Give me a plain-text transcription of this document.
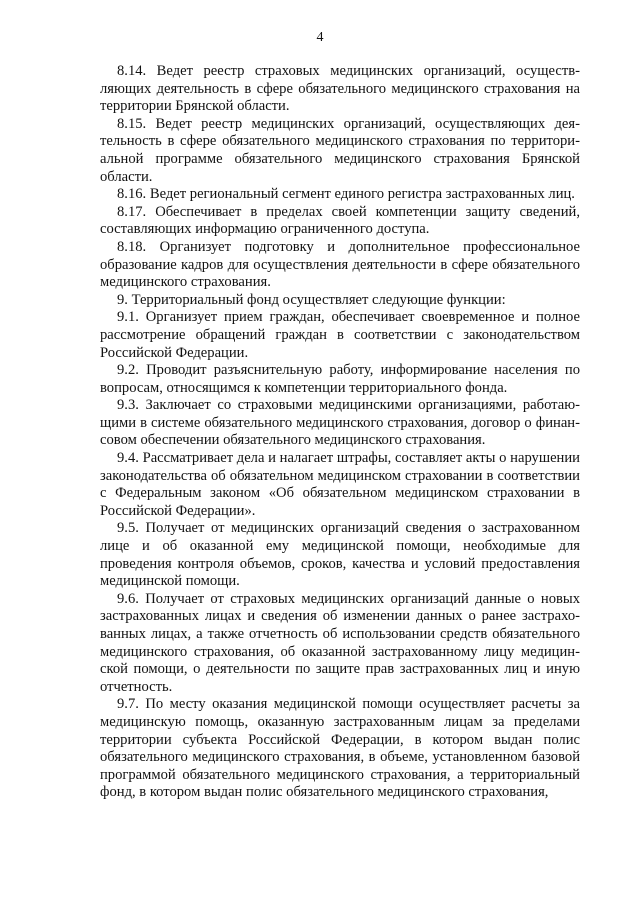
4

8.14. Ведет реестр страховых медицинских организаций, осуществляющих деятельность в сфере обязательного медицинского страхования на территории Брянской области.

8.15. Ведет реестр медицинских организаций, осуществляющих деятельность в сфере обязательного медицинского страхования по территориальной программе обязательного медицинского страхования Брянской области.

8.16. Ведет региональный сегмент единого регистра застрахованных лиц.

8.17. Обеспечивает в пределах своей компетенции защиту сведений, составляющих информацию ограниченного доступа.

8.18. Организует подготовку и дополнительное профессиональное образование кадров для осуществления деятельности в сфере обязательного медицинского страхования.

9. Территориальный фонд осуществляет следующие функции:

9.1. Организует прием граждан, обеспечивает своевременное и полное рассмотрение обращений граждан в соответствии с законодательством Российской Федерации.

9.2. Проводит разъяснительную работу, информирование населения по вопросам, относящимся к компетенции территориального фонда.

9.3. Заключает со страховыми медицинскими организациями, работающими в системе обязательного медицинского страхования, договор о финансовом обеспечении обязательного медицинского страхования.

9.4. Рассматривает дела и налагает штрафы, составляет акты о нарушении законодательства об обязательном медицинском страховании в соответствии с Федеральным законом «Об обязательном медицинском страховании в Российской Федерации».

9.5. Получает от медицинских организаций сведения о застрахованном лице и об оказанной ему медицинской помощи, необходимые для проведения контроля объемов, сроков, качества и условий предоставления медицинской помощи.

9.6. Получает от страховых медицинских организаций данные о новых застрахованных лицах и сведения об изменении данных о ранее застрахованных лицах, а также отчетность об использовании средств обязательного медицинского страхования, об оказанной застрахованному лицу медицинской помощи, о деятельности по защите прав застрахованных лиц и иную отчетность.

9.7. По месту оказания медицинской помощи осуществляет расчеты за медицинскую помощь, оказанную застрахованным лицам за пределами территории субъекта Российской Федерации, в котором выдан полис обязательного медицинского страхования, в объеме, установленном базовой программой обязательного медицинского страхования, а территориальный фонд, в котором выдан полис обязательного медицинского страхования,
